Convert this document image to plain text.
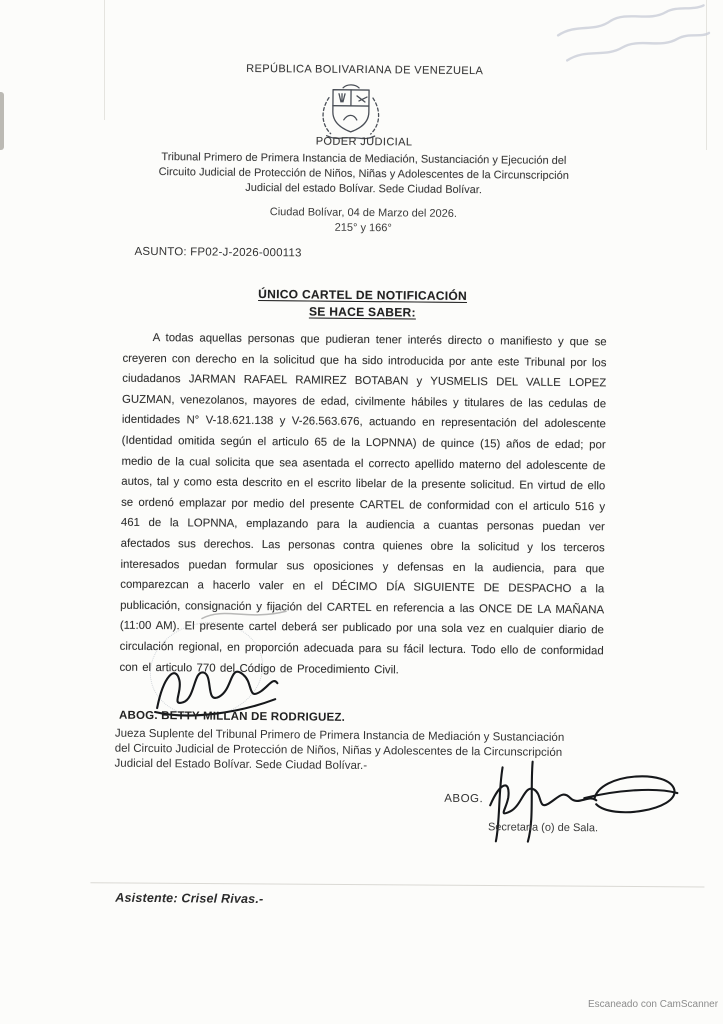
REPÚBLICA BOLIVARIANA DE VENEZUELA
PODER JUDICIAL
Tribunal Primero de Primera Instancia de Mediación, Sustanciación y Ejecución del
Circuito Judicial de Protección de Niños, Niñas y Adolescentes de la Circunscripción
Judicial del estado Bolívar. Sede Ciudad Bolívar.
Ciudad Bolívar, 04 de Marzo del 2026.
215° y 166°
ASUNTO: FP02-J-2026-000113
ÚNICO CARTEL DE NOTIFICACIÓN
SE HACE SABER:

A todas aquellas personas que pudieran tener interés directo o manifiesto y que se creyeren con derecho en la solicitud que ha sido introducida por ante este Tribunal por los ciudadanos JARMAN RAFAEL RAMIREZ BOTABAN y YUSMELIS DEL VALLE LOPEZ GUZMAN, venezolanos, mayores de edad, civilmente hábiles y titulares de las cedulas de identidades N° V-18.621.138 y V-26.563.676, actuando en representación del adolescente (Identidad omitida según el articulo 65 de la LOPNNA) de quince (15) años de edad; por medio de la cual solicita que sea asentada el correcto apellido materno del adolescente de autos, tal y como esta descrito en el escrito libelar de la presente solicitud. En virtud de ello se ordenó emplazar por medio del presente CARTEL de conformidad con el articulo 516 y 461 de la LOPNNA, emplazando para la audiencia a cuantas personas puedan ver afectados sus derechos. Las personas contra quienes obre la solicitud y los terceros interesados puedan formular sus oposiciones y defensas en la audiencia, para que comparezcan a hacerlo valer en el DÉCIMO DÍA SIGUIENTE DE DESPACHO a la publicación, consignación y fijación del CARTEL en referencia a las ONCE DE LA MAÑANA (11:00 AM). El presente cartel deberá ser publicado por una sola vez en cualquier diario de circulación regional, en proporción adecuada para su fácil lectura. Todo ello de conformidad con el articulo 770 del Código de Procedimiento Civil.

ABOG. BETTY MILLAN DE RODRIGUEZ.
Jueza Suplente del Tribunal Primero de Primera Instancia de Mediación y Sustanciación
del Circuito Judicial de Protección de Niños, Niñas y Adolescentes de la Circunscripción
Judicial del Estado Bolívar. Sede Ciudad Bolívar.-
ABOG.
Secretaria (o) de Sala.
Asistente: Crisel Rivas.-
Escaneado con CamScanner
